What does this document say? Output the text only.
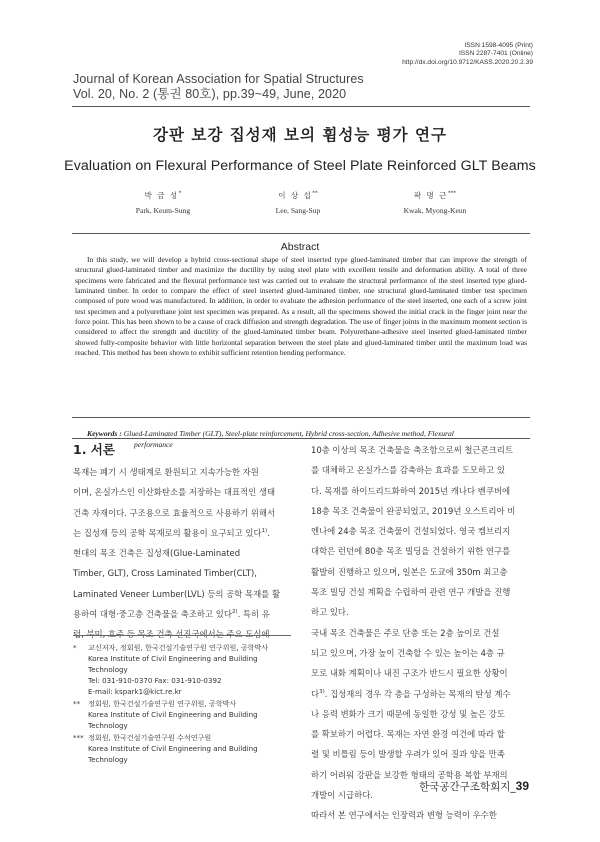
ISSN 1598-4095 (Print)
ISSN 2287-7401 (Online)
http://dx.doi.org/10.9712/KASS.2020.20.2.39
Journal of Korean Association for Spatial Structures
Vol. 20, No. 2 (통권 80호), pp.39~49, June, 2020
강판 보강 집성재 보의 휨성능 평가 연구
Evaluation on Flexural Performance of Steel Plate Reinforced GLT Beams
박 금 성*
Park, Keum-Sung
이 상 섭**
Lee, Sang-Sup
곽 명 근***
Kwak, Myong-Keun
Abstract
In this study, we will develop a hybrid cross-sectional shape of steel inserted type glued-laminated timber that can improve the strength of structural glued-laminated timber and maximize the ductility by using steel plate with excellent tensile and deformation ability. A total of three specimens were fabricated and the flexural performance test was carried out to evaluate the structural performance of the steel inserted type glued-laminated timber. In order to compare the effect of steel inserted glued-laminated timber, one structural glued-laminated timber test specimen composed of pure wood was manufactured. In addition, in order to evaluate the adhesion performance of the steel inserted, one each of a screw joint test specimen and a polyurethane joint test specimen was prepared. As a result, all the specimens showed the initial crack in the finger joint near the force point. This has been shown to be a cause of crack diffusion and strength degradation. The use of finger joints in the maximum moment section is considered to affect the strength and ductility of the glued-laminated timber beam. Polyurethane-adhesive steel inserted glued-laminated timber showed fully-composite behavior with little horizontal separation between the steel plate and glued-laminated timber until the maximum load was reached. This method has been shown to exhibit sufficient retention bending performance.
Keywords : Glued-Laminated Timber (GLT), Steel-plate reinforcement, Hybrid cross-section, Adhesive method, Flexural
performance
1. 서론
목재는 폐기 시 생태계로 환원되고 지속가능한 자원
이며, 온실가스인 이산화탄소를 저장하는 대표적인 생태
건축 자재이다. 구조용으로 효율적으로 사용하기 위해서
는 집성재 등의 공학 목재로의 활용이 요구되고 있다$^{1)}$.
현대의 목조 건축은 집성재(Glue-Laminated
Timber, GLT), Cross Laminated Timber(CLT),
Laminated Veneer Lumber(LVL) 등의 공학 목재를 활
용하여 대형·중고층 건축물을 축조하고 있다$^{2)}$. 특히 유
럽, 북미, 호주 등 목조 건축 선진국에서는 주요 도심에
*	교신저자, 정회원, 한국건설기술연구원 연구위원, 공학박사
Korea Institute of Civil Engineering and Building
Technology
Tel: 031-910-0370 Fax: 031-910-0392
E-mail: kspark1@kict.re.kr
**	정회원, 한국건설기술연구원 연구위원, 공학박사
Korea Institute of Civil Engineering and Building
Technology
*** 정회원, 한국건설기술연구원 수석연구원
Korea Institute of Civil Engineering and Building
Technology
10층 이상의 목조 건축물을 축조함으로써 철근콘크리트
를 대체하고 온실가스를 감축하는 효과를 도모하고 있
다. 목재를 하이드리드화하여 2015년 캐나다 벤쿠버에
18층 목조 건축물이 완공되었고, 2019년 오스트리아 비
엔나에 24층 목조 건축물이 건설되었다. 영국 켐브리지
대학은 런던에 80층 목조 빌딩을 건설하기 위한 연구를
활발히 진행하고 있으며, 일본은 도쿄에 350m 최고층
목조 빌딩 건설 계획을 수립하여 관련 연구 개발을 진행
하고 있다.
국내 목조 건축물은 주로 단층 또는 2층 높이로 건설
되고 있으며, 가장 높이 건축할 수 있는 높이는 4층 규
모로 내화 계획이나 내진 구조가 반드시 필요한 상황이
다$^{3)}$. 집성재의 경우 각 층을 구성하는 목재의 탄성 계수
나 응력 변화가 크기 때문에 동일한 강성 및 높은 강도
를 확보하기 어렵다. 목재는 자연 환경 여건에 따라 할
렬 및 비틀림 등이 발생할 우려가 있어 질과 양을 만족
하기 어려워 강판을 보강한 형태의 공학용 복합 부재의
개발이 시급하다.
따라서 본 연구에서는 인장력과 변형 능력이 우수한
한국공간구조학회지_39
